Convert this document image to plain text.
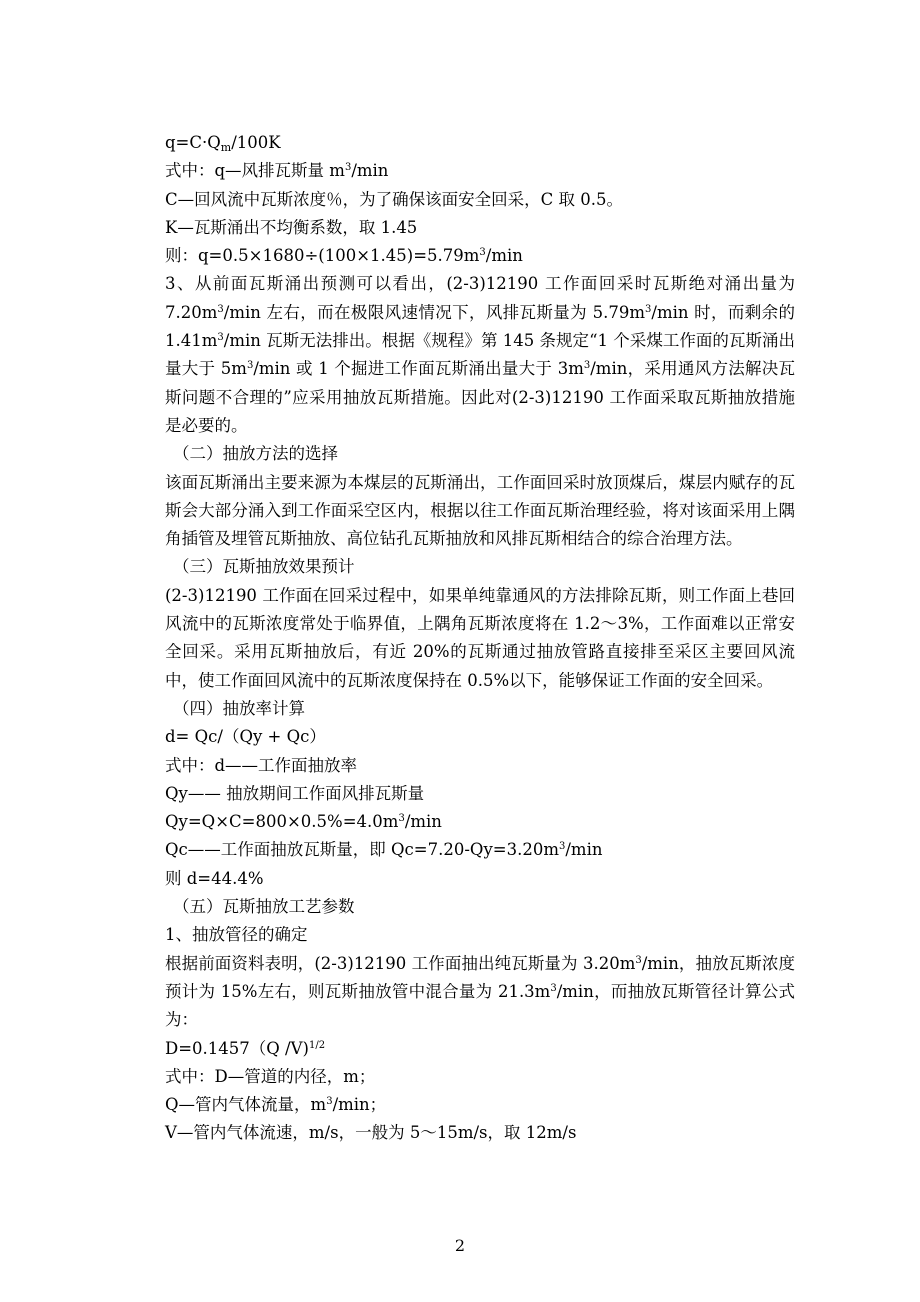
$q=C\cdot Q_m/100K$

式中：q—风排瓦斯量 $m^3/\min$

C—回风流中瓦斯浓度％，为了确保该面安全回采，C 取 0.5。

K—瓦斯涌出不均衡系数，取 1.45

则：$q=0.5\times 1680\div(100\times 1.45)=5.79m^3/\min$

3、从前面瓦斯涌出预测可以看出，(2-3)12190 工作面回采时瓦斯绝对涌出量为 $7.20m^3/\min$ 左右，而在极限风速情况下，风排瓦斯量为 $5.79m^3/\min$ 时，而剩余的 $1.41m^3/\min$ 瓦斯无法排出。根据《规程》第 145 条规定“1 个采煤工作面的瓦斯涌出量大于 $5m^3/\min$ 或 1 个掘进工作面瓦斯涌出量大于 $3m^3/\min$，采用通风方法解决瓦斯问题不合理的”应采用抽放瓦斯措施。因此对(2-3)12190 工作面采取瓦斯抽放措施是必要的。

（二）抽放方法的选择

该面瓦斯涌出主要来源为本煤层的瓦斯涌出，工作面回采时放顶煤后，煤层内赋存的瓦斯会大部分涌入到工作面采空区内，根据以往工作面瓦斯治理经验，将对该面采用上隅角插管及埋管瓦斯抽放、高位钻孔瓦斯抽放和风排瓦斯相结合的综合治理方法。

（三）瓦斯抽放效果预计

(2-3)12190 工作面在回采过程中，如果单纯靠通风的方法排除瓦斯，则工作面上巷回风流中的瓦斯浓度常处于临界值，上隅角瓦斯浓度将在 1.2～3%，工作面难以正常安全回采。采用瓦斯抽放后，有近 20%的瓦斯通过抽放管路直接排至采区主要回风流中，使工作面回风流中的瓦斯浓度保持在 0.5%以下，能够保证工作面的安全回采。

（四）抽放率计算

d= Qc/（Qy + Qc）

式中：d——工作面抽放率

Qy—— 抽放期间工作面风排瓦斯量

$Qy=Q\times C=800\times 0.5\%=4.0m^3/\min$

Qc——工作面抽放瓦斯量，即 $Qc=7.20-Qy=3.20m^3/\min$

则 d=44.4%

（五）瓦斯抽放工艺参数

1、抽放管径的确定

根据前面资料表明，(2-3)12190 工作面抽出纯瓦斯量为 $3.20m^3/\min$，抽放瓦斯浓度预计为 15%左右，则瓦斯抽放管中混合量为 $21.3m^3/\min$，而抽放瓦斯管径计算公式为：

D=0.1457（Q /V)$^{1/2}$

式中：D—管道的内径，m；

Q—管内气体流量，$m^3/\min$；

V—管内气体流速，m/s，一般为 5～15m/s，取 12m/s

2
